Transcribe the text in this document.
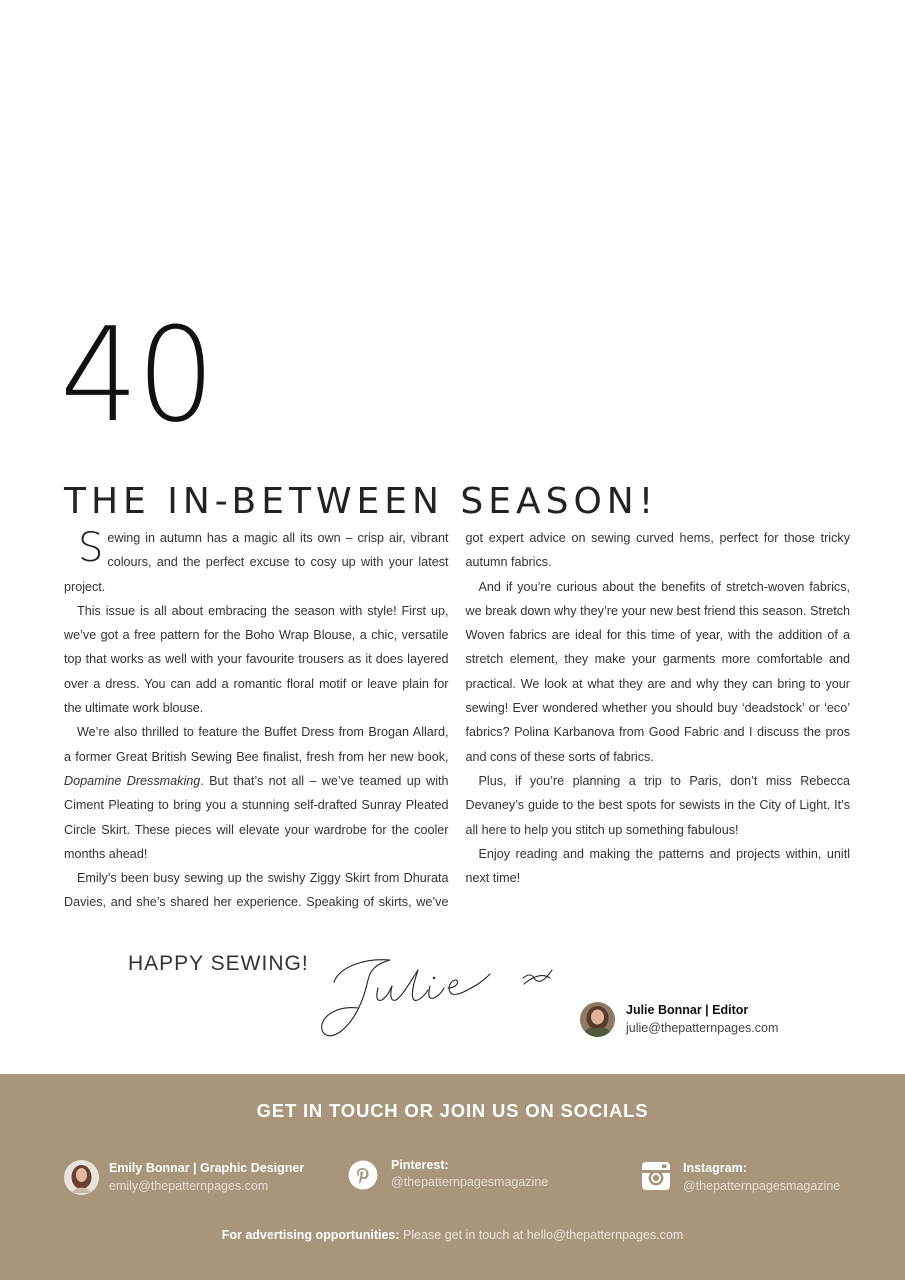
40
THE IN-BETWEEN SEASON!

Sewing in autumn has a magic all its own – crisp air, vibrant colours, and the perfect excuse to cosy up with your latest project.

This issue is all about embracing the season with style! First up, we’ve got a free pattern for the Boho Wrap Blouse, a chic, versatile top that works as well with your favourite trousers as it does layered over a dress. You can add a romantic floral motif or leave plain for the ultimate work blouse.

We’re also thrilled to feature the Buffet Dress from Brogan Allard, a former Great British Sewing Bee finalist, fresh from her new book, Dopamine Dressmaking. But that’s not all – we’ve teamed up with Ciment Pleating to bring you a stunning self-drafted Sunray Pleated Circle Skirt. These pieces will elevate your wardrobe for the cooler months ahead!

Emily’s been busy sewing up the swishy Ziggy Skirt from Dhurata Davies, and she’s shared her experience. Speaking of skirts, we’ve got expert advice on sewing curved hems, perfect for those tricky autumn fabrics.

And if you’re curious about the benefits of stretch-woven fabrics, we break down why they’re your new best friend this season. Stretch Woven fabrics are ideal for this time of year, with the addition of a stretch element, they make your garments more comfortable and practical. We look at what they are and why they can bring to your sewing! Ever wondered whether you should buy ‘deadstock’ or ‘eco’ fabrics? Polina Karbanova from Good Fabric and I discuss the pros and cons of these sorts of fabrics.

Plus, if you’re planning a trip to Paris, don’t miss Rebecca Devaney’s guide to the best spots for sewists in the City of Light. It’s all here to help you stitch up something fabulous!

Enjoy reading and making the patterns and projects within, unitl next time!

HAPPY SEWING!
Julie Bonnar | Editor
julie@thepatternpages.com
GET IN TOUCH OR JOIN US ON SOCIALS
Emily Bonnar | Graphic Designer
emily@thepatternpages.com
Pinterest:
@thepatternpagesmagazine
Instagram:
@thepatternpagesmagazine
For advertising opportunities: Please get in touch at hello@thepatternpages.com
